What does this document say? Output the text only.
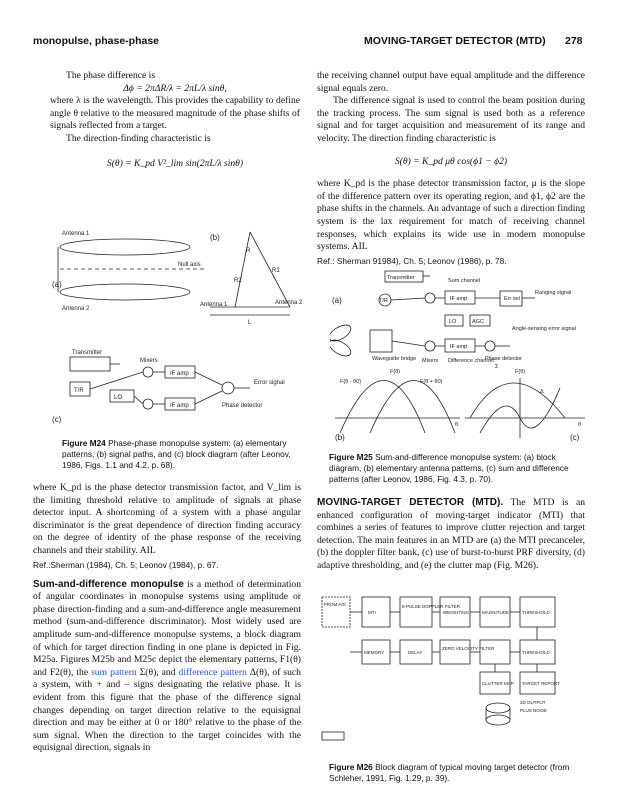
monopulse, phase-phase	MOVING-TARGET DETECTOR (MTD) 278

The phase difference is

Δϕ = 2πΔR/λ = 2πL/λ sinθ,

where λ is the wavelength. This provides the capability to define angle θ relative to the measured magnitude of the phase shifts of signals reflected from a target.

The direction-finding characteristic is

S(θ) = K_pd V²_lim sin(2πL/λ sinθ)

Antenna 1
Antenna 2
Null axis
(a)
(b)
(c)
Transmitter
Mixers
IF amp
T/R
LO
IF amp
Error signal
Phase detector
R
R1
R2
Antenna 1	Antenna 2
L
Figure M24 Phase-phase monopulse system: (a) elementary patterns, (b) signal paths, and (c) block diagram (after Leonov, 1986, Figs. 1.1 and 4.2, p. 68).

where K_pd is the phase detector transmission factor, and V_lim is the limiting threshold relative to amplitude of signals at phase detector input. A shortcoming of a system with a phase angular discriminator is the great dependence of direction finding accuracy on the degree of identity of the phase response of the receiving channels and their stability. AIL

Ref.:Sherman (1984), Ch. 5; Leonov (1984), p. 67.

Sum-and-difference monopulse is a method of determination of angular coordinates in monopulse systems using amplitude or phase direction-finding and a sum-and-difference angle measurement method (sum-and-difference discriminator). Most widely used are amplitude sum-and-difference monopulse systems, a block diagram of which for target direction finding in one plane is depicted in Fig. M25a. Figures M25b and M25c depict the elementary patterns, F1(θ) and F2(θ), the sum pattern Σ(θ), and difference pattern Δ(θ), of such a system, with + and – signs designating the relative phase. It is evident from this figure that the phase of the difference signal changes depending on target direction relative to the equisignal direction and may be either at 0 or 180° relative to the phase of the sum signal. When the direction to the target coincides with the equisignal direction, signals in

the receiving channel output have equal amplitude and the difference signal equals zero.

The difference signal is used to control the beam position during the tracking process. The sum signal is used both as a reference signal and for target acquisition and measurement of its range and velocity. The direction finding characteristic is

S(θ) = K_pd μθ cos(ϕ1 − ϕ2)

where K_pd is the phase detector transmission factor, μ is the slope of the difference pattern over its operating region, and ϕ1, ϕ2 are the phase shifts in the channels. An advantage of such a direction finding system is the lax requirement for match of receiving channel responses, which explains its wide use in modern monopulse systems. AIL

Ref.: Sherman 91984), Ch. 5; Leonov (1986), p. 78.

Transmitter	Sum channel
Ranging signal
T/R	IF amp	Err sel
LO	AGC
Angle-sensing error signal
IF amp
Phase detector
Waveguide bridge Mixers Difference channel
(a)
(b)	(c)
F(θ)	F(θ)
F(θ - θ0)	F(θ + θ0)
θ	θ
Σ
Δ
Figure M25 Sum-and-difference monopulse system: (a) block diagram, (b) elementary antenna patterns, (c) sum and difference patterns (after Leonov, 1986, Fig. 4.3, p. 70).

MOVING-TARGET DETECTOR (MTD). The MTD is an enhanced configuration of moving-target indicator (MTI) that combines a series of features to improve clutter rejection and target detection. The main features in an MTD are (a) the MTI precanceler, (b) the doppler filter bank, (c) use of burst-to-burst PRF diversity, (d) adaptive thresholding, and (e) the clutter map (Fig. M26).

FROM A/D
MTI
8-PULSE DOPPLER FILTER
WEIGHTING	MAGNITUDE	THRESHOLD
MEMORY	DELAY
CLUTTER MAP
ZERO VELOCITY FILTER
THRESHOLD
TARGET REPORT
2D OUTPUT
PLUS NOISE
Figure M26 Block diagram of typical moving target detector (from Schleher, 1991, Fig. 1.29, p. 39).
